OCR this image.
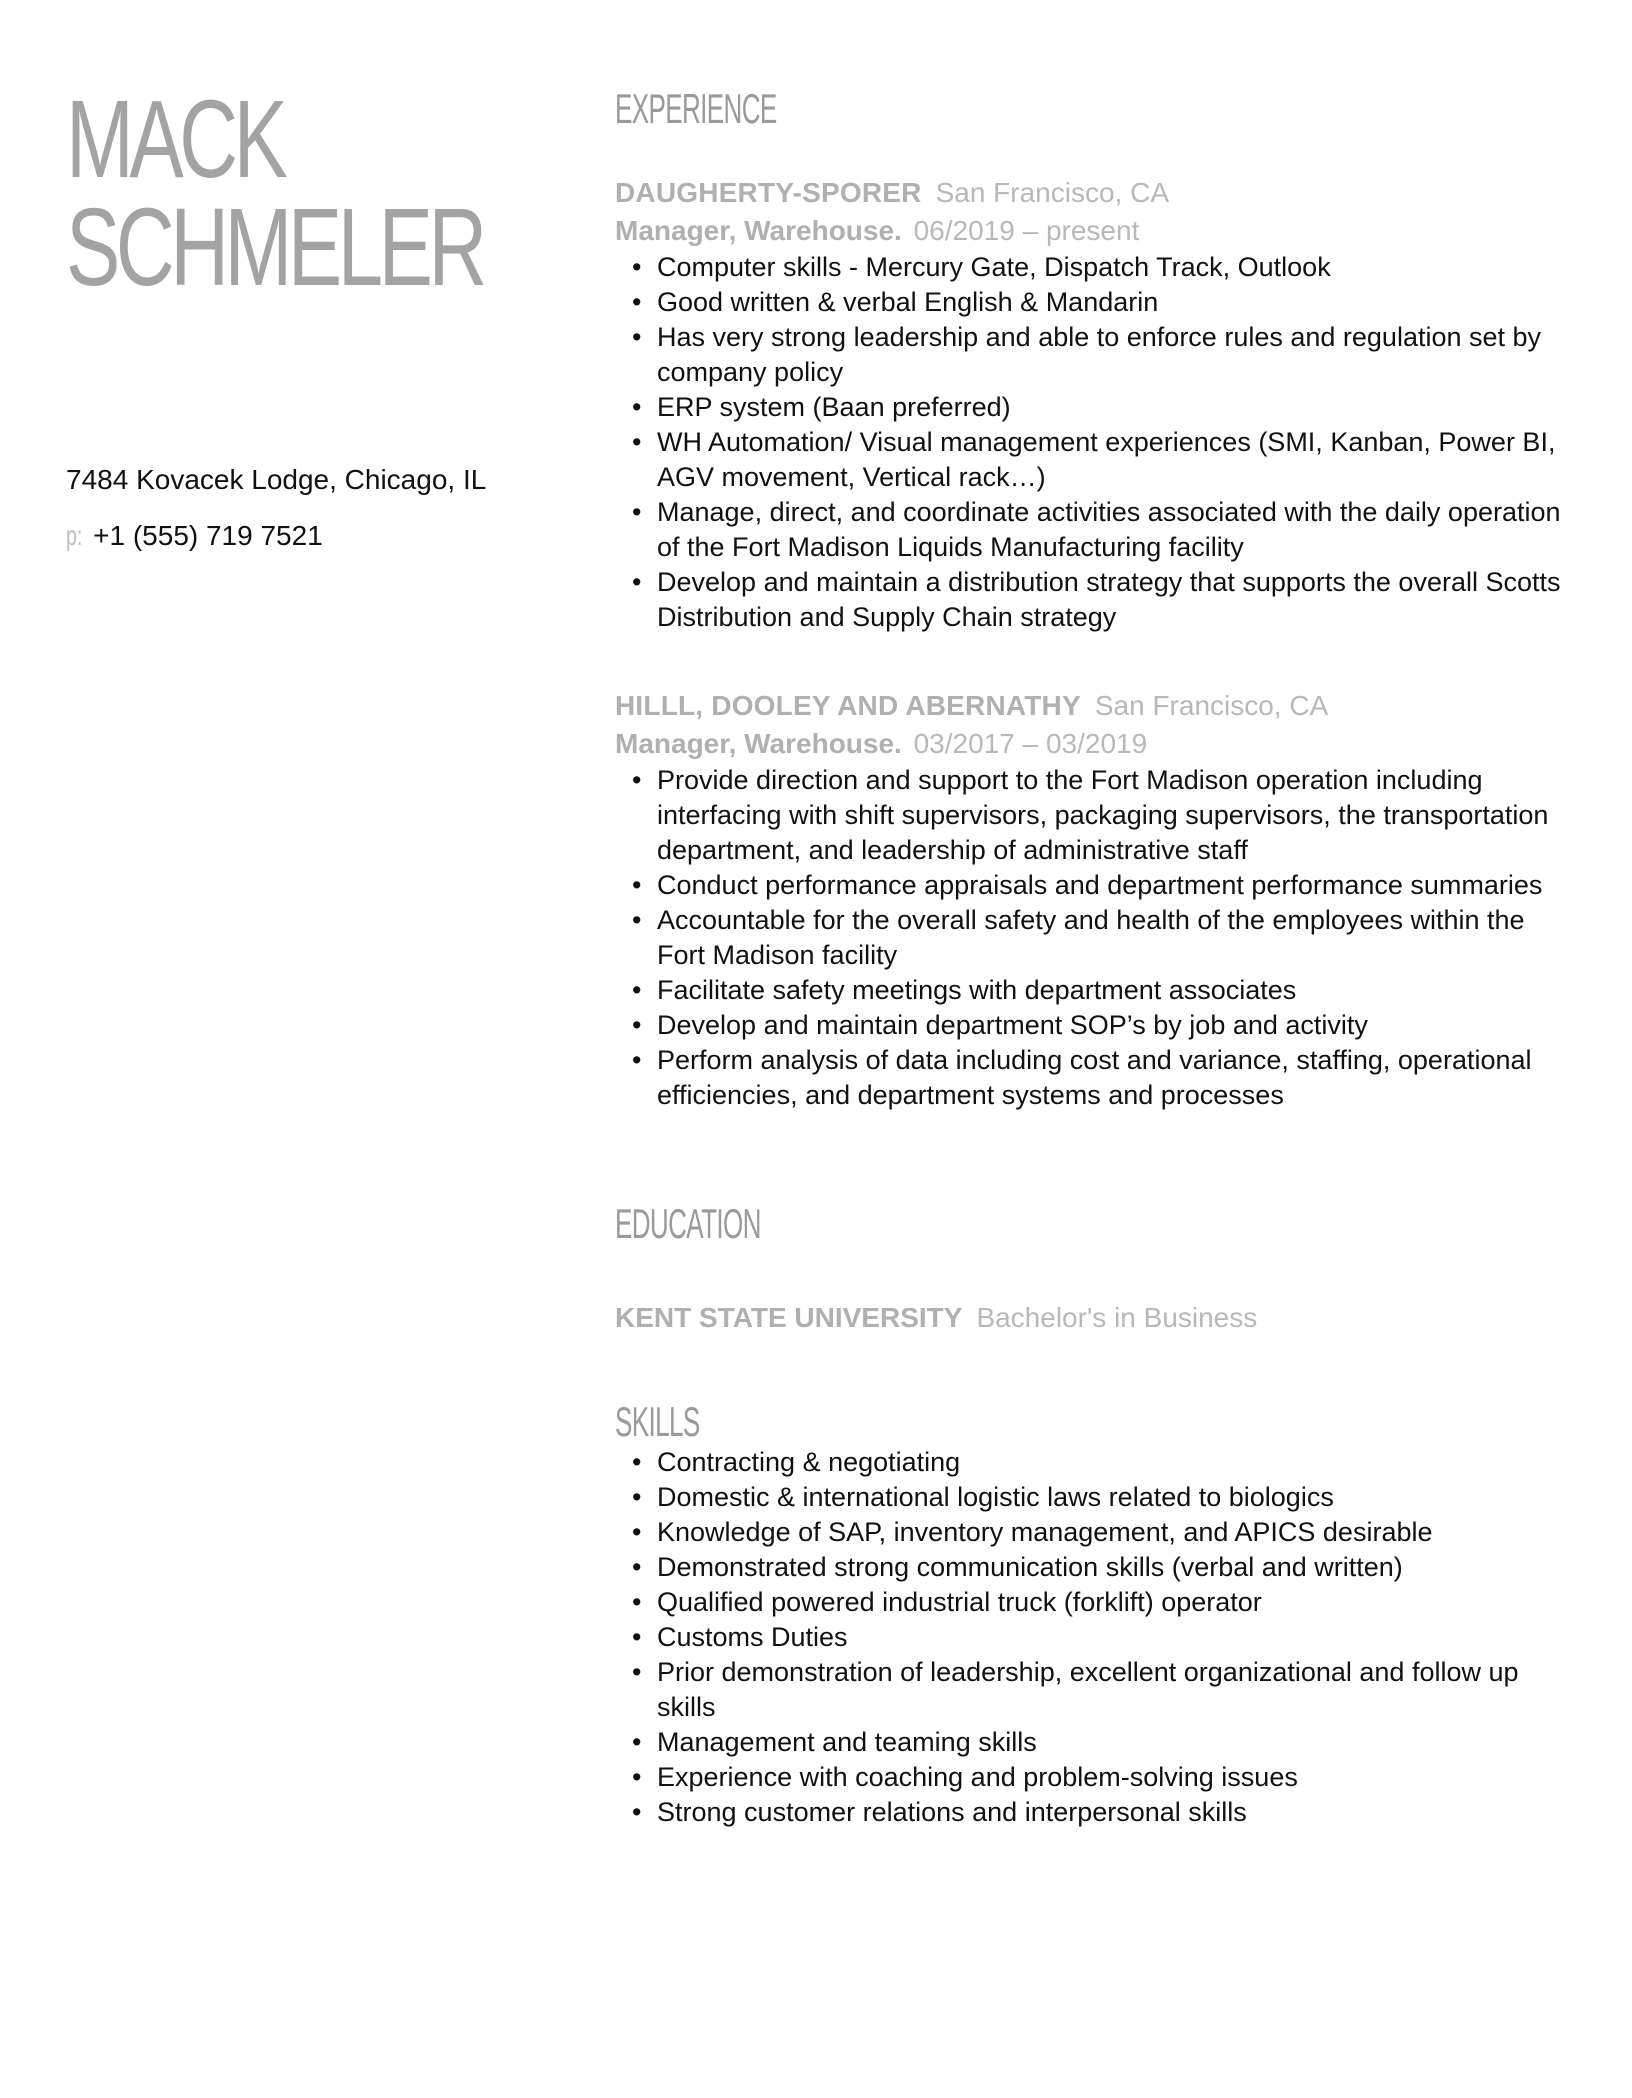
MACK
SCHMELER
7484 Kovacek Lodge, Chicago, IL
p: +1 (555) 719 7521
EXPERIENCE
DAUGHERTY-SPORER San Francisco, CA
Manager, Warehouse. 06/2019 – present
• Computer skills - Mercury Gate, Dispatch Track, Outlook
• Good written & verbal English & Mandarin
• Has very strong leadership and able to enforce rules and regulation set by company policy
• ERP system (Baan preferred)
• WH Automation/ Visual management experiences (SMI, Kanban, Power BI, AGV movement, Vertical rack…)
• Manage, direct, and coordinate activities associated with the daily operation of the Fort Madison Liquids Manufacturing facility
• Develop and maintain a distribution strategy that supports the overall Scotts Distribution and Supply Chain strategy
HILLL, DOOLEY AND ABERNATHY San Francisco, CA
Manager, Warehouse. 03/2017 – 03/2019
• Provide direction and support to the Fort Madison operation including interfacing with shift supervisors, packaging supervisors, the transportation department, and leadership of administrative staff
• Conduct performance appraisals and department performance summaries
• Accountable for the overall safety and health of the employees within the Fort Madison facility
• Facilitate safety meetings with department associates
• Develop and maintain department SOP’s by job and activity
• Perform analysis of data including cost and variance, staffing, operational efficiencies, and department systems and processes
EDUCATION
KENT STATE UNIVERSITY Bachelor's in Business
SKILLS
• Contracting & negotiating
• Domestic & international logistic laws related to biologics
• Knowledge of SAP, inventory management, and APICS desirable
• Demonstrated strong communication skills (verbal and written)
• Qualified powered industrial truck (forklift) operator
• Customs Duties
• Prior demonstration of leadership, excellent organizational and follow up skills
• Management and teaming skills
• Experience with coaching and problem-solving issues
• Strong customer relations and interpersonal skills
